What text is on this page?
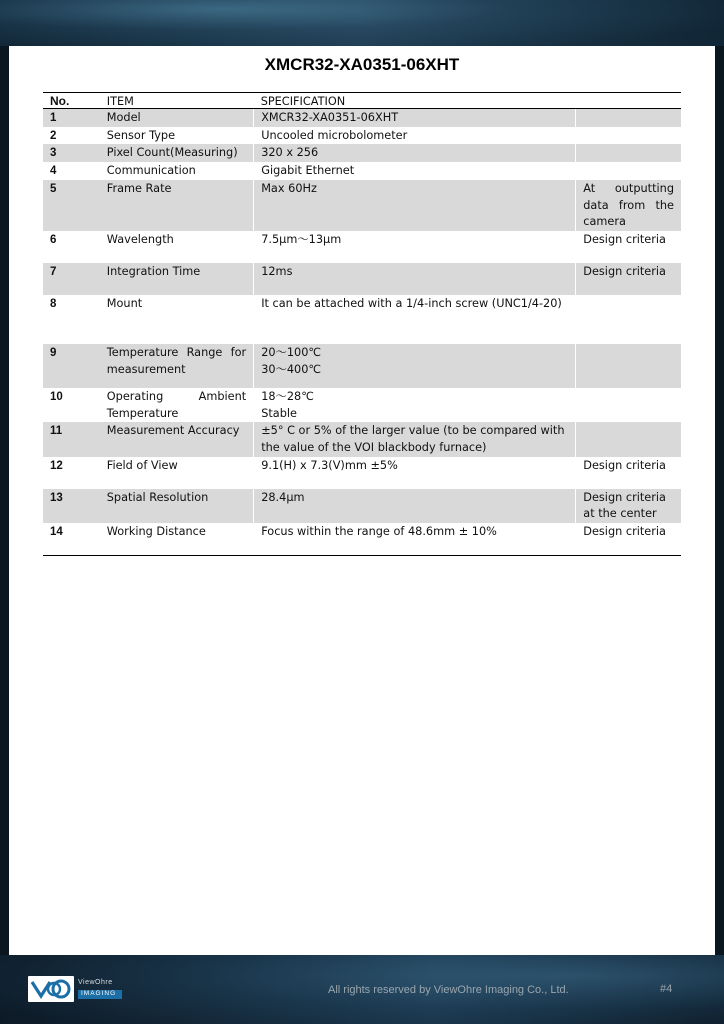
XMCR32-XA0351-06XHT
No.	ITEM	SPECIFICATION	
1	Model	XMCR32-XA0351-06XHT	
2	Sensor Type	Uncooled microbolometer	
3	Pixel Count(Measuring)	320 x 256	
4	Communication	Gigabit Ethernet	
5	Frame Rate	Max 60Hz	At outputting data from the camera
6	Wavelength	7.5μm〜13μm	Design criteria
7	Integration Time	12ms	Design criteria
8	Mount	It can be attached with a 1/4-inch screw (UNC1/4-20)	
9	Temperature Range for measurement	20〜100℃
30〜400℃	

10	Operating Ambient Temperature	18〜28℃
Stable	

11	Measurement Accuracy	±5° C or 5% of the larger value (to be compared with the value of the VOI blackbody furnace)	
12	Field of View	9.1(H) x 7.3(V)mm ±5%	Design criteria
13	Spatial Resolution	28.4μm	Design criteria at the center
14	Working Distance	Focus within the range of 48.6mm ± 10%	Design criteria
ViewOhre
IMAGING	All rights reserved by ViewOhre Imaging Co., Ltd.	#4
